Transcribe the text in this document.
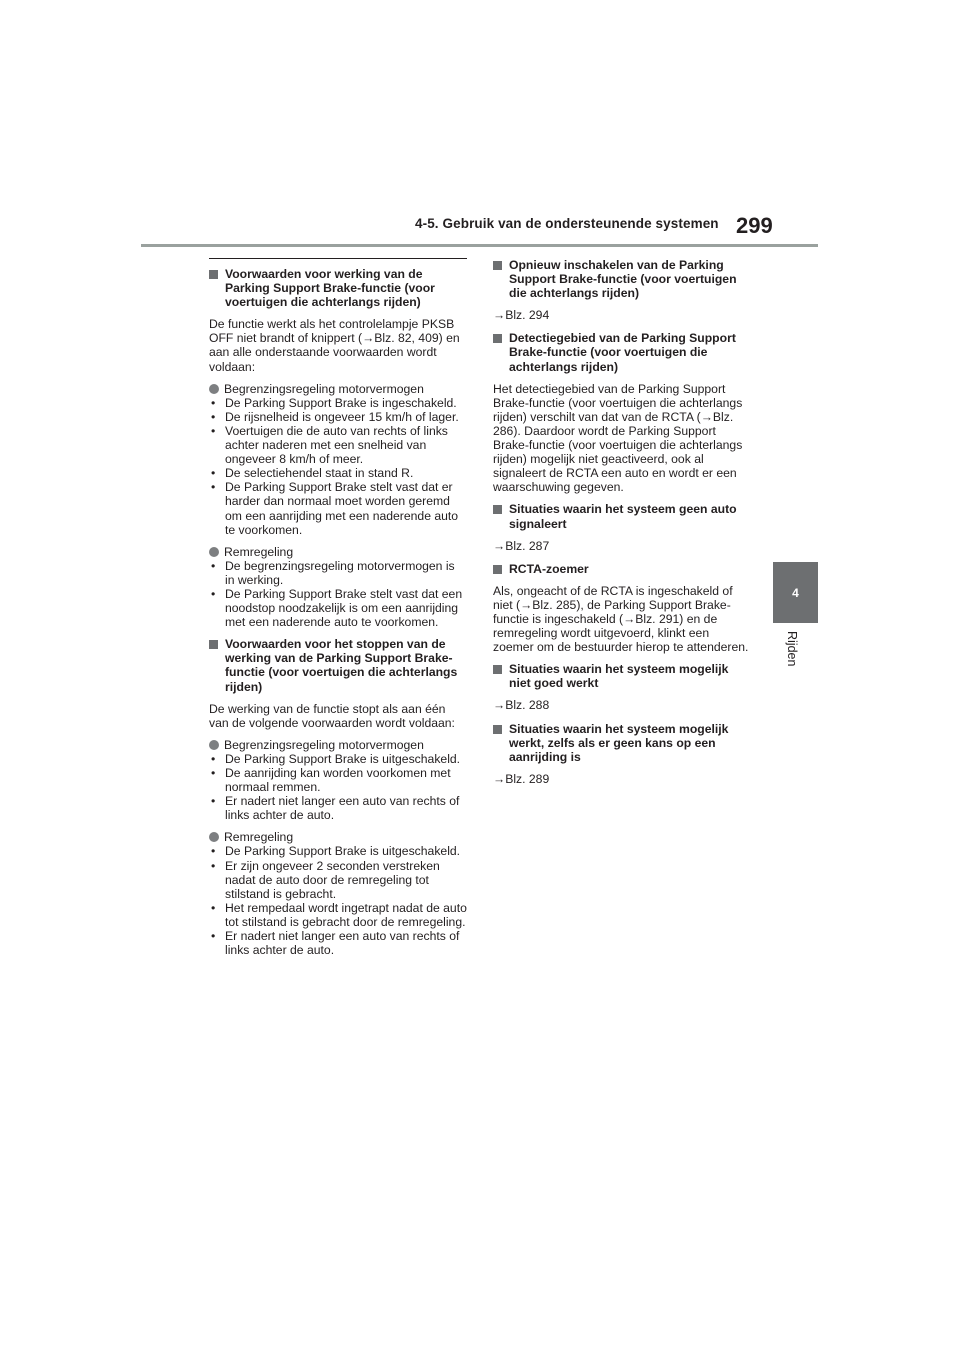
4-5. Gebruik van de ondersteunende systemen 299
4
Rijden
Voorwaarden voor werking van de Parking Support Brake-functie (voor voertuigen die achterlangs rijden)

De functie werkt als het controlelampje PKSB OFF niet brandt of knippert (→Blz. 82, 409) en aan alle onderstaande voorwaarden wordt voldaan:

Begrenzingsregeling motorvermogen
• De Parking Support Brake is ingeschakeld.
• De rijsnelheid is ongeveer 15 km/h of lager.
• Voertuigen die de auto van rechts of links achter naderen met een snelheid van ongeveer 8 km/h of meer.
• De selectiehendel staat in stand R.
• De Parking Support Brake stelt vast dat er harder dan normaal moet worden geremd om een aanrijding met een naderende auto te voorkomen.
Remregeling
• De begrenzingsregeling motorvermogen is in werking.
• De Parking Support Brake stelt vast dat een noodstop noodzakelijk is om een aanrijding met een naderende auto te voorkomen.
Voorwaarden voor het stoppen van de werking van de Parking Support Brake-functie (voor voertuigen die achterlangs rijden)

De werking van de functie stopt als aan één van de volgende voorwaarden wordt voldaan:

Begrenzingsregeling motorvermogen
• De Parking Support Brake is uitgeschakeld.
• De aanrijding kan worden voorkomen met normaal remmen.
• Er nadert niet langer een auto van rechts of links achter de auto.
Remregeling
• De Parking Support Brake is uitgeschakeld.
• Er zijn ongeveer 2 seconden verstreken nadat de auto door de remregeling tot stilstand is gebracht.
• Het rempedaal wordt ingetrapt nadat de auto tot stilstand is gebracht door de remregeling.
• Er nadert niet langer een auto van rechts of links achter de auto.
Opnieuw inschakelen van de Parking Support Brake-functie (voor voertuigen die achterlangs rijden)

→Blz. 294

Detectiegebied van de Parking Support Brake-functie (voor voertuigen die achterlangs rijden)

Het detectiegebied van de Parking Support Brake-functie (voor voertuigen die achterlangs rijden) verschilt van dat van de RCTA (→Blz. 286). Daardoor wordt de Parking Support Brake-functie (voor voertuigen die achterlangs rijden) mogelijk niet geactiveerd, ook al signaleert de RCTA een auto en wordt er een waarschuwing gegeven.

Situaties waarin het systeem geen auto signaleert

→Blz. 287

RCTA-zoemer

Als, ongeacht of de RCTA is ingeschakeld of niet (→Blz. 285), de Parking Support Brake-functie is ingeschakeld (→Blz. 291) en de remregeling wordt uitgevoerd, klinkt een zoemer om de bestuurder hierop te attenderen.

Situaties waarin het systeem mogelijk niet goed werkt

→Blz. 288

Situaties waarin het systeem mogelijk werkt, zelfs als er geen kans op een aanrijding is

→Blz. 289
